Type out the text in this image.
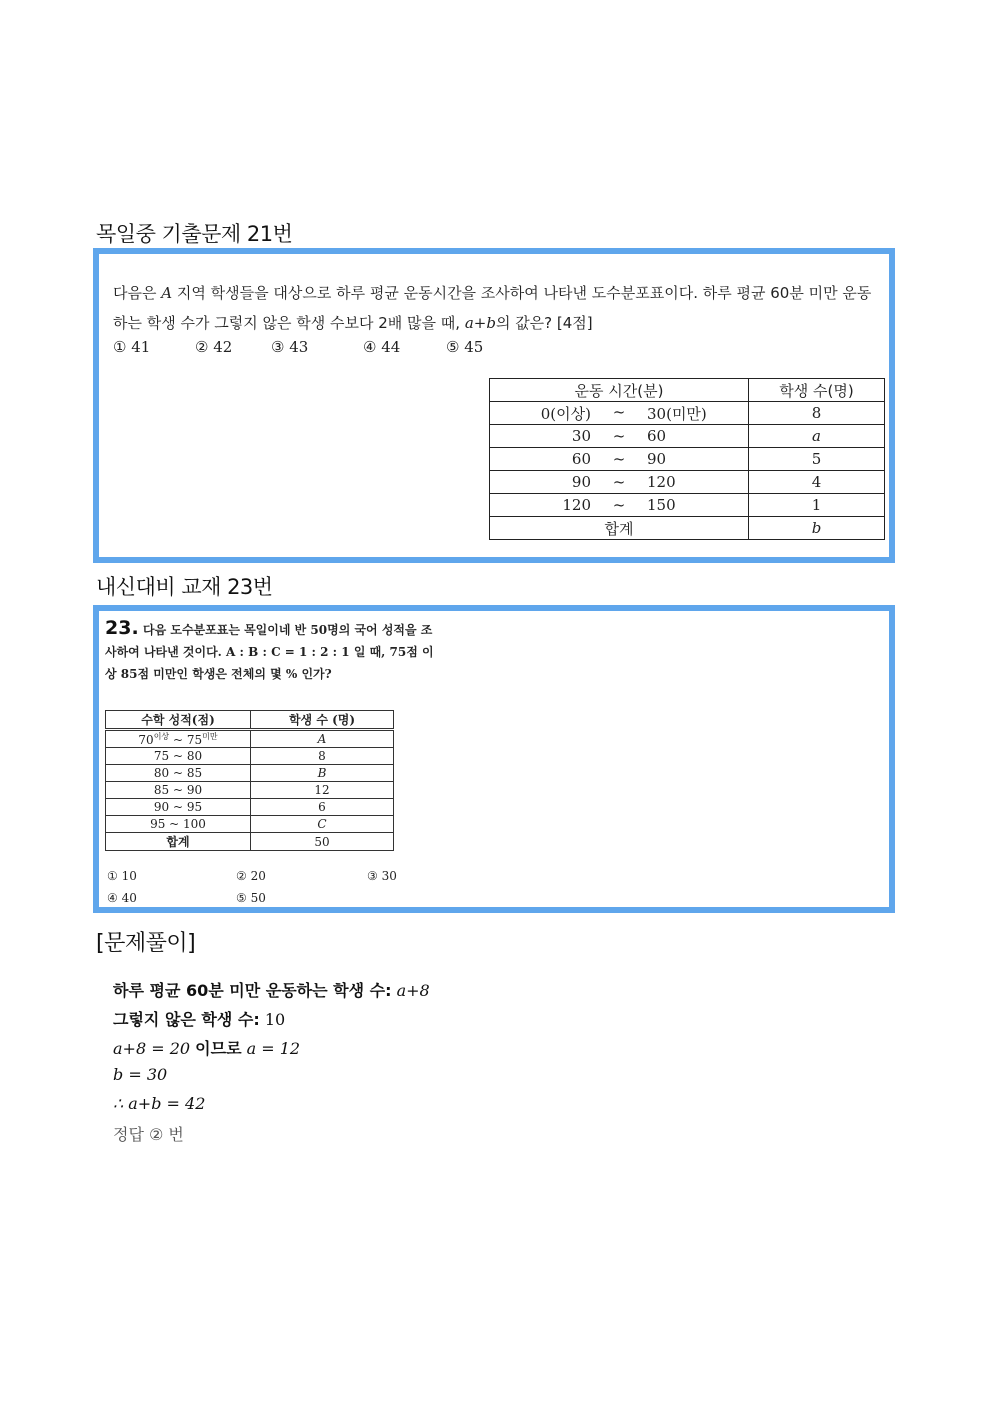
목일중 기출문제 21번
다음은 A 지역 학생들을 대상으로 하루 평균 운동시간을 조사하여 나타낸 도수분포표이다. 하루 평균 60분 미만 운동하는 학생 수가 그렇지 않은 학생 수보다 2배 많을 때, a+b의 값은? [4점]
① 41	② 42	③ 43	④ 44	⑤ 45
운동 시간(분)	학생 수(명)

0(이상) ~ 30(미만)	8

30 ~ 60	a

60 ~ 90	5

90 ~ 120	4

120 ~ 150	1
합계	b
내신대비 교재 23번
23. 다음 도수분포표는 목일이네 반 50명의 국어 성적을 조사하여 나타낸 것이다. A : B : C = 1 : 2 : 1 일 때, 75점 이상 85점 미만인 학생은 전체의 몇 % 인가?
수학 성적(점)	학생 수 (명)
$70^{이상}$ ~ $75^{미만}$	A
75 ~ 80	8
80 ~ 85	B
85 ~ 90	12
90 ~ 95	6
95 ~ 100	C
합계	50
① 10	② 20	③ 30
④ 40	⑤ 50
[문제풀이]
하루 평균 60분 미만 운동하는 학생 수: a+8
그렇지 않은 학생 수: 10
a+8 = 20 이므로 a = 12
b = 30
∴ a+b = 42
정답 ② 번
